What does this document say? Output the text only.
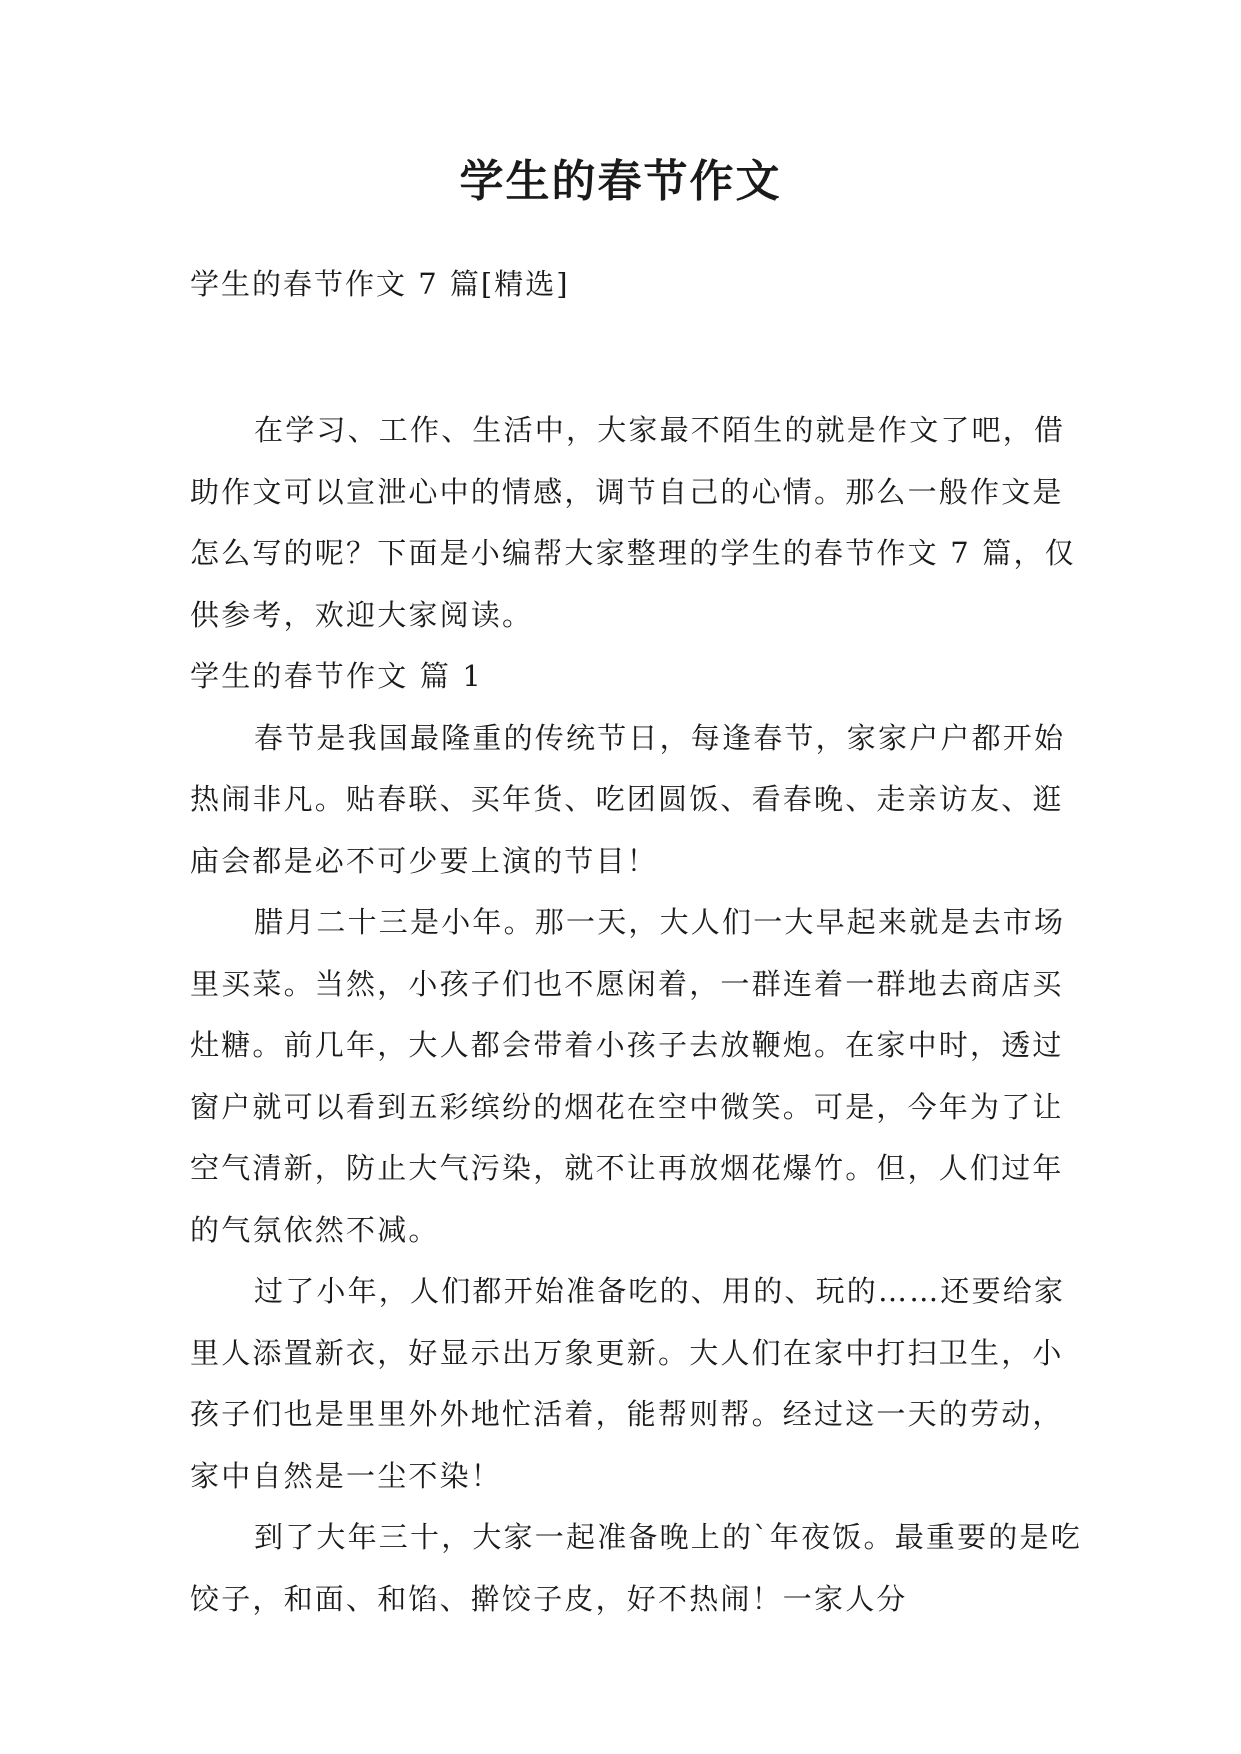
学生的春节作文
学生的春节作文 7 篇[精选]

在学习、工作、生活中，大家最不陌生的就是作文了吧，借助作文可以宣泄心中的情感，调节自己的心情。那么一般作文是怎么写的呢？下面是小编帮大家整理的学生的春节作文 7 篇，仅供参考，欢迎大家阅读。

学生的春节作文 篇 1

春节是我国最隆重的传统节日，每逢春节，家家户户都开始热闹非凡。贴春联、买年货、吃团圆饭、看春晚、走亲访友、逛庙会都是必不可少要上演的节目！

腊月二十三是小年。那一天，大人们一大早起来就是去市场里买菜。当然，小孩子们也不愿闲着，一群连着一群地去商店买灶糖。前几年，大人都会带着小孩子去放鞭炮。在家中时，透过窗户就可以看到五彩缤纷的烟花在空中微笑。可是，今年为了让空气清新，防止大气污染，就不让再放烟花爆竹。但，人们过年的气氛依然不减。

过了小年，人们都开始准备吃的、用的、玩的……还要给家里人添置新衣，好显示出万象更新。大人们在家中打扫卫生，小孩子们也是里里外外地忙活着，能帮则帮。经过这一天的劳动，家中自然是一尘不染！

到了大年三十，大家一起准备晚上的`年夜饭。最重要的是吃饺子，和面、和馅、擀饺子皮，好不热闹！一家人分
